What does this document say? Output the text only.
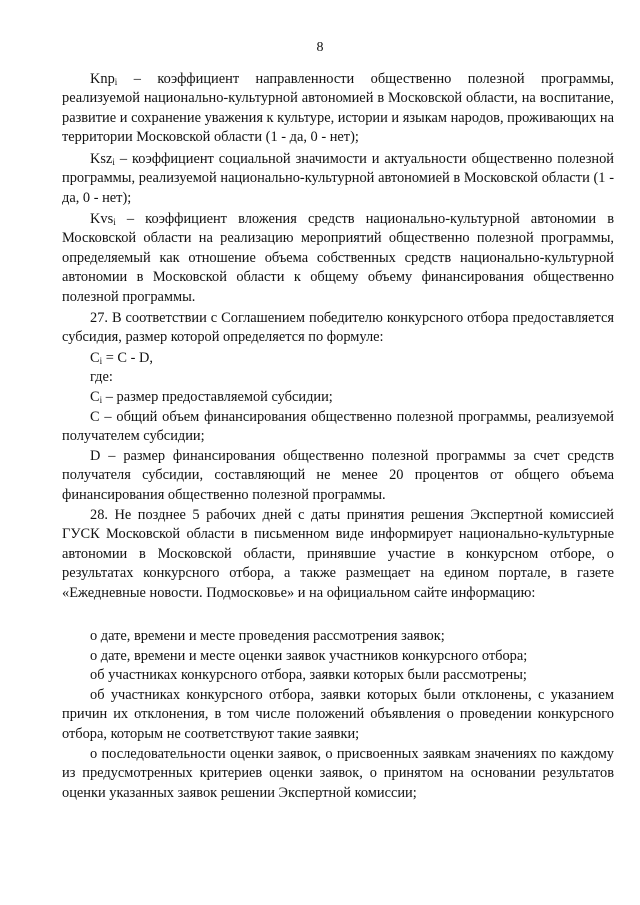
8

Knp$_i$ – коэффициент направленности общественно полезной программы, реализуемой национально-культурной автономией в Московской области, на воспитание, развитие и сохранение уважения к культуре, истории и языкам народов, проживающих на территории Московской области (1 - да, 0 - нет);

Ksz$_i$ – коэффициент социальной значимости и актуальности общественно полезной программы, реализуемой национально-культурной автономией в Московской области (1 - да, 0 - нет);

Kvs$_i$ – коэффициент вложения средств национально-культурной автономии в Московской области на реализацию мероприятий общественно полезной программы, определяемый как отношение объема собственных средств национально-культурной автономии в Московской области к общему объему финансирования общественно полезной программы.

27. В соответствии с Соглашением победителю конкурсного отбора предоставляется субсидия, размер которой определяется по формуле:

$C_i = C - D$,

где:

$C_i$ – размер предоставляемой субсидии;

C – общий объем финансирования общественно полезной программы, реализуемой получателем субсидии;

D – размер финансирования общественно полезной программы за счет средств получателя субсидии, составляющий не менее 20 процентов от общего объема финансирования общественно полезной программы.

28. Не позднее 5 рабочих дней с даты принятия решения Экспертной комиссией ГУСК Московской области в письменном виде информирует национально-культурные автономии в Московской области, принявшие участие в конкурсном отборе, о результатах конкурсного отбора, а также размещает на едином портале, в газете «Ежедневные новости. Подмосковье» и на официальном сайте информацию:

о дате, времени и месте проведения рассмотрения заявок;

о дате, времени и месте оценки заявок участников конкурсного отбора;

об участниках конкурсного отбора, заявки которых были рассмотрены;

об участниках конкурсного отбора, заявки которых были отклонены, с указанием причин их отклонения, в том числе положений объявления о проведении конкурсного отбора, которым не соответствуют такие заявки;

о последовательности оценки заявок, о присвоенных заявкам значениях по каждому из предусмотренных критериев оценки заявок, о принятом на основании результатов оценки указанных заявок решении Экспертной комиссии;
